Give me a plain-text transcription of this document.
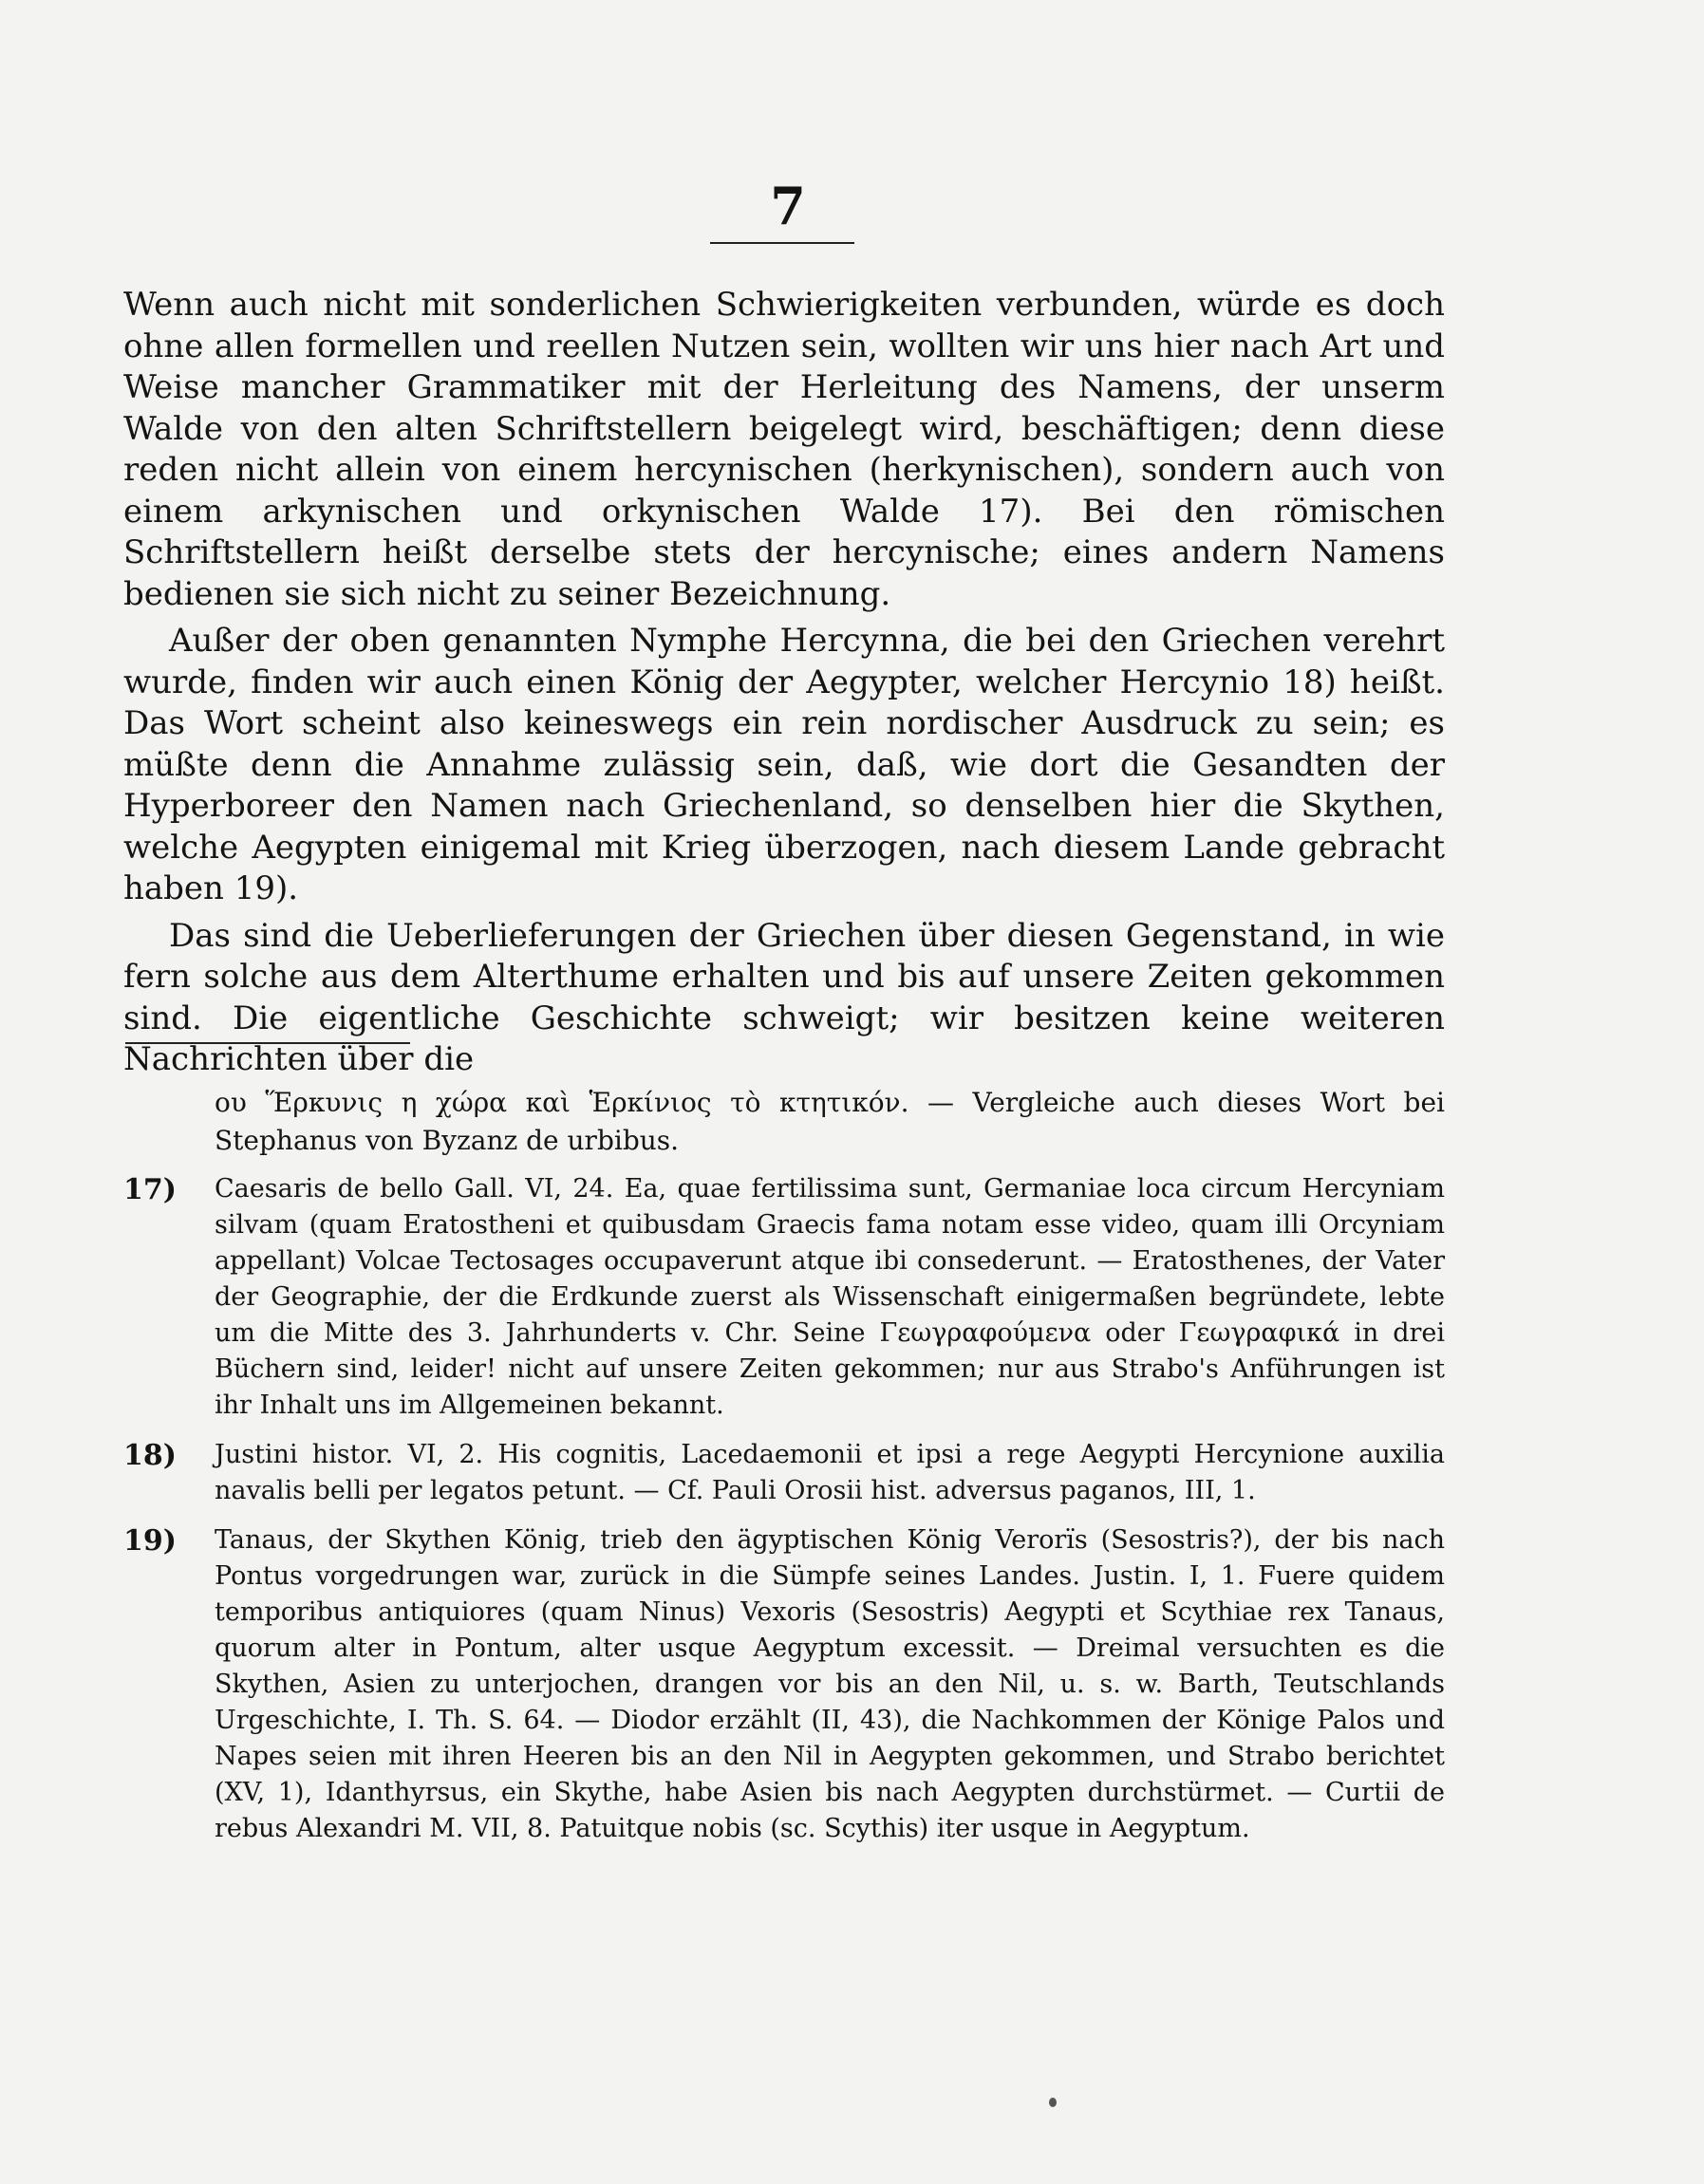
7

Wenn auch nicht mit sonderlichen Schwierigkeiten verbunden, würde es doch ohne allen formellen und reellen Nutzen sein, wollten wir uns hier nach Art und Weise mancher Grammatiker mit der Herleitung des Namens, der unserm Walde von den alten Schriftstellern beigelegt wird, beschäftigen; denn diese reden nicht allein von einem hercynischen (herkynischen), sondern auch von einem arkynischen und orkynischen Walde 17). Bei den römischen Schriftstellern heißt derselbe stets der hercynische; eines andern Namens bedienen sie sich nicht zu seiner Bezeichnung.

Außer der oben genannten Nymphe Hercynna, die bei den Griechen verehrt wurde, finden wir auch einen König der Aegypter, welcher Hercynio 18) heißt. Das Wort scheint also keineswegs ein rein nordischer Ausdruck zu sein; es müßte denn die Annahme zulässig sein, daß, wie dort die Gesandten der Hyperboreer den Namen nach Griechenland, so denselben hier die Skythen, welche Aegypten einigemal mit Krieg überzogen, nach diesem Lande gebracht haben 19).

Das sind die Ueberlieferungen der Griechen über diesen Gegenstand, in wie fern solche aus dem Alterthume erhalten und bis auf unsere Zeiten gekommen sind. Die eigentliche Geschichte schweigt; wir besitzen keine weiteren Nachrichten über die

ου Ἕρκυνις η χώρα καὶ Ἑρκίνιος τὸ κτητικόν. — Vergleiche auch dieses Wort bei Stephanus von Byzanz de urbibus.

17)	Caesaris de bello Gall. VI, 24. Ea, quae fertilissima sunt, Germaniae loca circum Hercyniam silvam (quam Eratostheni et quibusdam Graecis fama notam esse video, quam illi Orcyniam appellant) Volcae Tectosages occupaverunt atque ibi consederunt. — Eratosthenes, der Vater der Geographie, der die Erdkunde zuerst als Wissenschaft einigermaßen begründete, lebte um die Mitte des 3. Jahrhunderts v. Chr. Seine Γεωγραφούμενα oder Γεωγραφικά in drei Büchern sind, leider! nicht auf unsere Zeiten gekommen; nur aus Strabo's Anführungen ist ihr Inhalt uns im Allgemeinen bekannt.
18)	Justini histor. VI, 2. His cognitis, Lacedaemonii et ipsi a rege Aegypti Hercynione auxilia navalis belli per legatos petunt. — Cf. Pauli Orosii hist. adversus paganos, III, 1.
19)	Tanaus, der Skythen König, trieb den ägyptischen König Verorïs (Sesostris?), der bis nach Pontus vorgedrungen war, zurück in die Sümpfe seines Landes. Justin. I, 1. Fuere quidem temporibus antiquiores (quam Ninus) Vexoris (Sesostris) Aegypti et Scythiae rex Tanaus, quorum alter in Pontum, alter usque Aegyptum excessit. — Dreimal versuchten es die Skythen, Asien zu unterjochen, drangen vor bis an den Nil, u. s. w. Barth, Teutschlands Urgeschichte, I. Th. S. 64. — Diodor erzählt (II, 43), die Nachkommen der Könige Palos und Napes seien mit ihren Heeren bis an den Nil in Aegypten gekommen, und Strabo berichtet (XV, 1), Idanthyrsus, ein Skythe, habe Asien bis nach Aegypten durchstürmet. — Curtii de rebus Alexandri M. VII, 8. Patuitque nobis (sc. Scythis) iter usque in Aegyptum.
